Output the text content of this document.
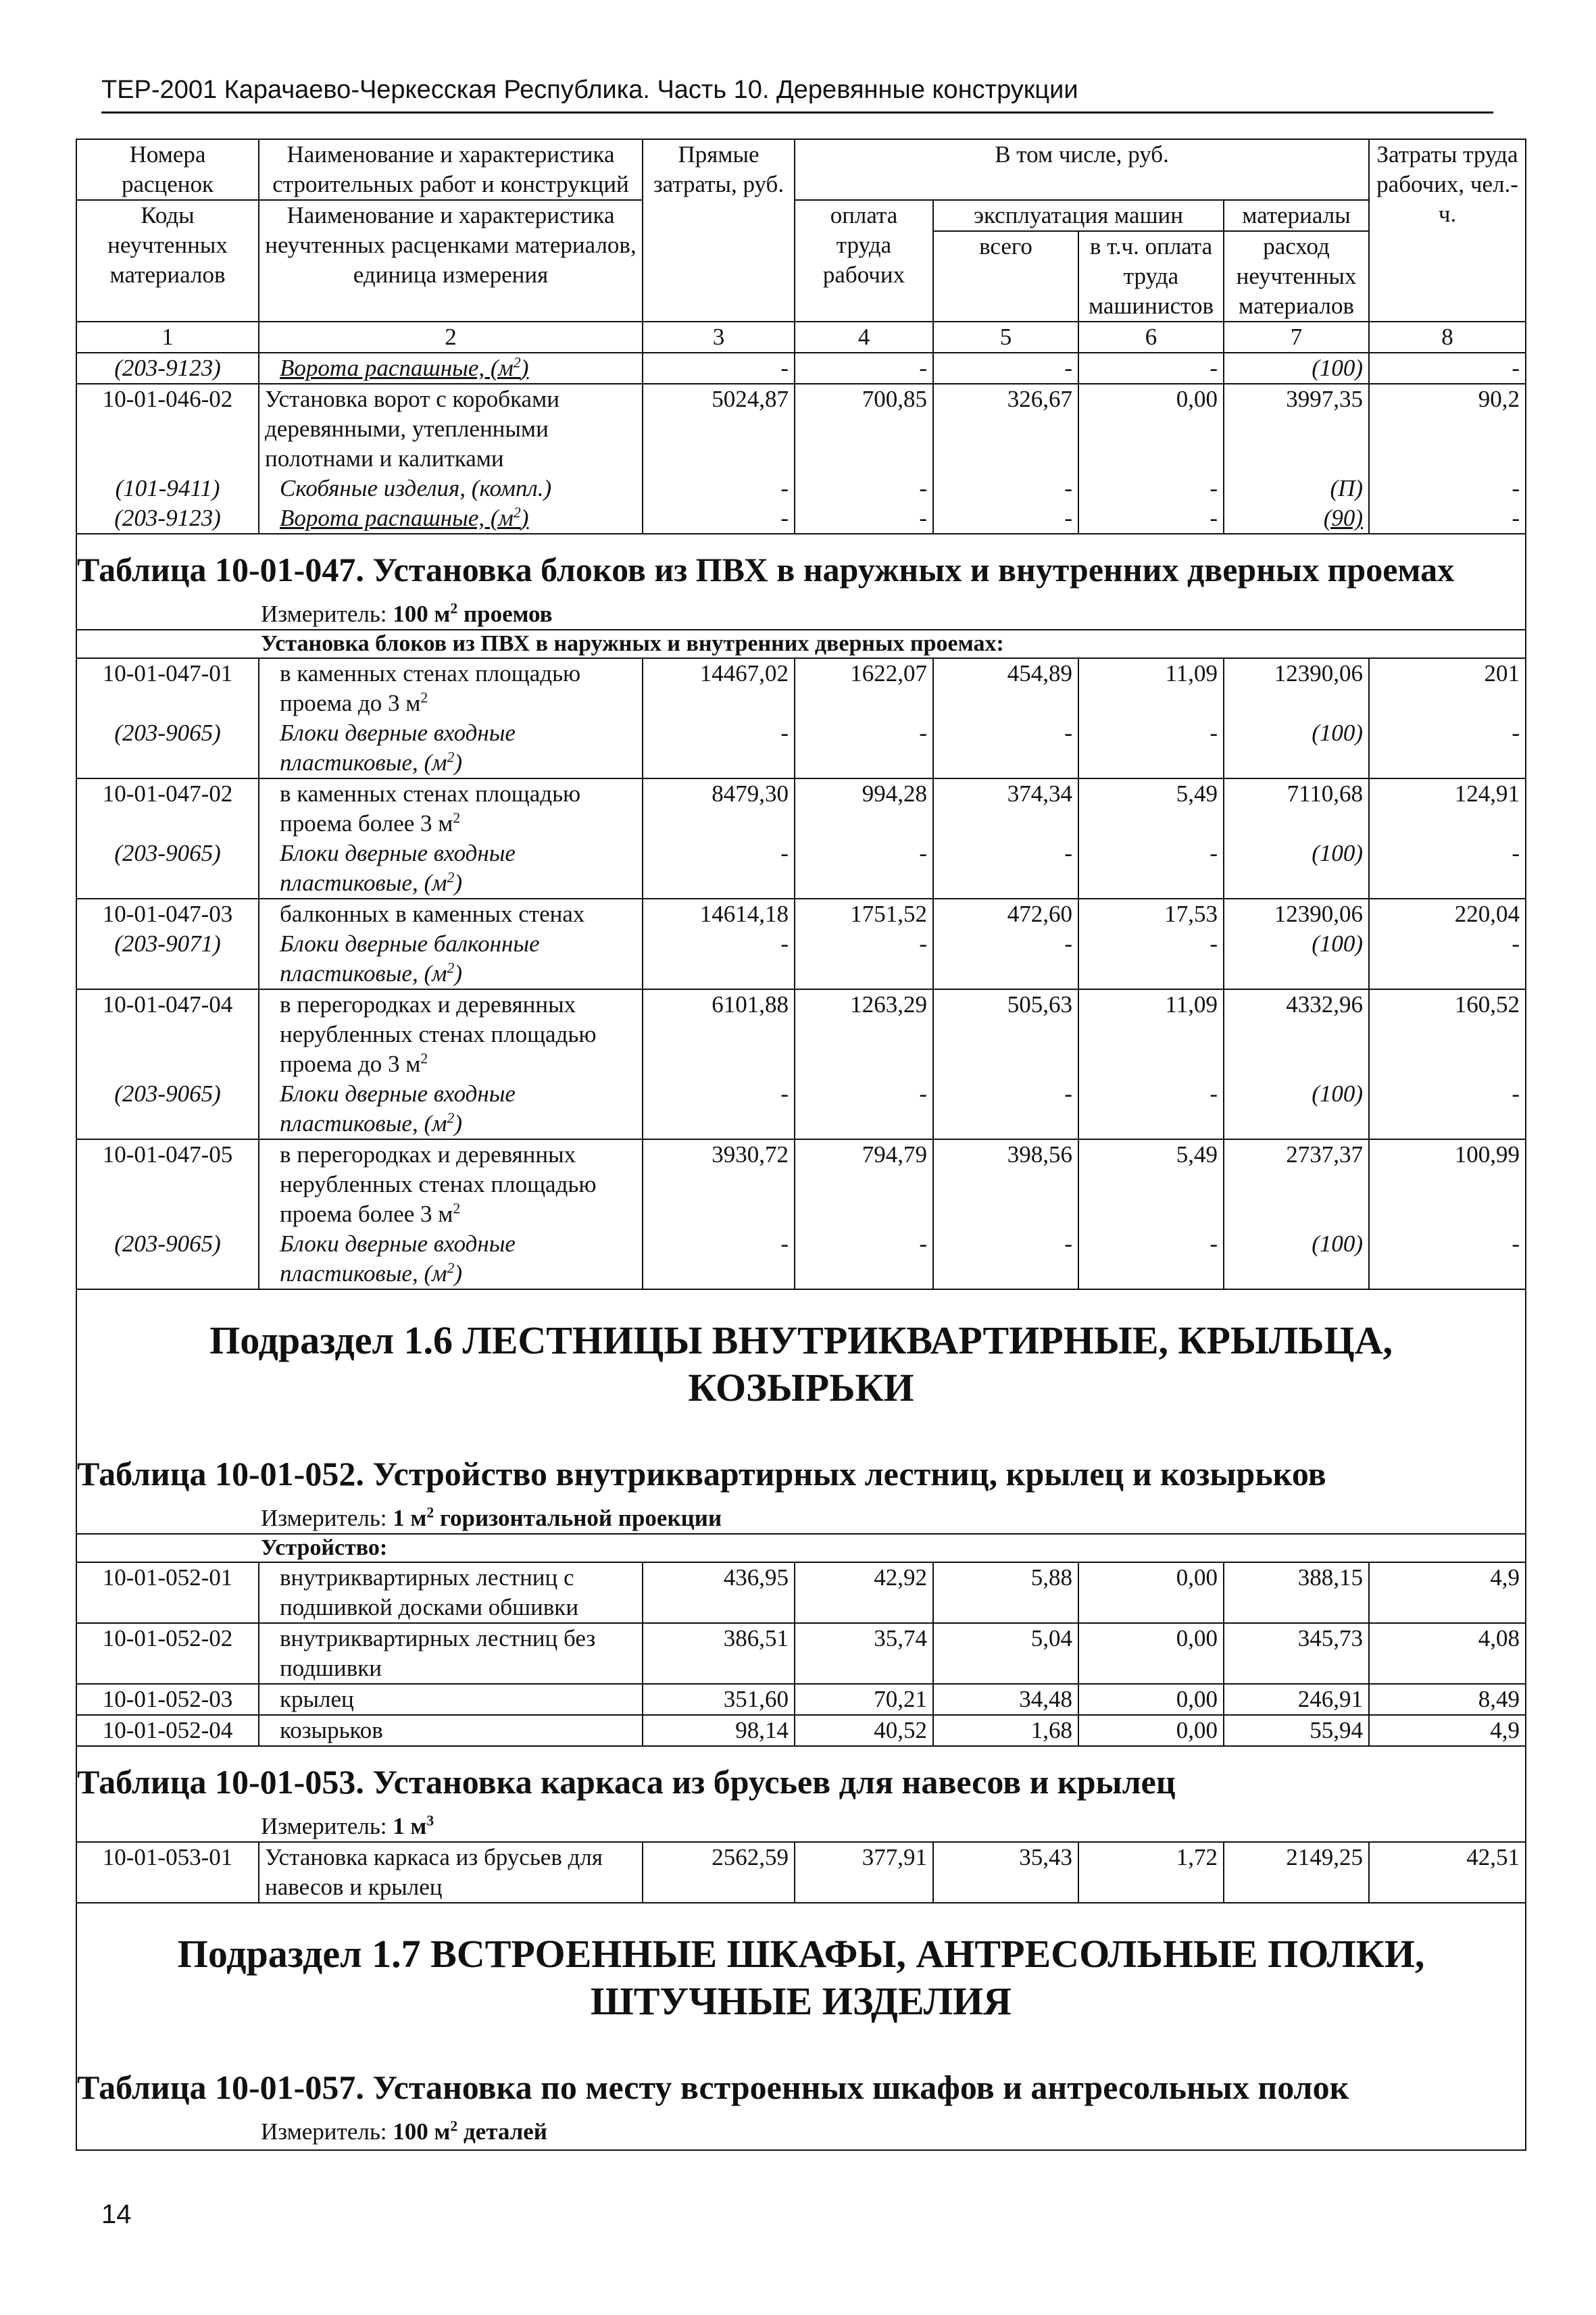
ТЕР-2001 Карачаево-Черкесская Республика. Часть 10. Деревянные конструкции
Номера расценок	Наименование и характеристика строительных работ и конструкций	Прямые затраты, руб.	В том числе, руб.				Затраты труда рабочих, чел.-ч.
Коды неучтенных материалов	Наименование и характеристика неучтенных расценками материалов, единица измерения		оплата труда рабочих	эксплуатация машин		материалы	
				всего	в т.ч. оплата труда машинистов	расход неучтенных материалов	
1	2	3	4	5	6	7	8
(203-9123)	Ворота распашные, $(м^2)$	-	-	-	-	(100)	-
10-01-046-02	Установка ворот с коробками деревянными, утепленными полотнами и калитками	5024,87	700,85	326,67	0,00	3997,35	90,2
(101-9411)	Скобяные изделия, (компл.)	-	-	-	-	(П)	-
(203-9123)	Ворота распашные, $(м^2)$	-	-	-	-	(90)	-
Таблица 10-01-047. Установка блоков из ПВХ в наружных и внутренних дверных проемах							
Измеритель: 100 $м^2$ проемов							
Установка блоков из ПВХ в наружных и внутренних дверных проемах:							
10-01-047-01	в каменных стенах площадью проема до 3 $м^2$	14467,02	1622,07	454,89	11,09	12390,06	201
(203-9065)	Блоки дверные входные пластиковые, $(м^2)$	-	-	-	-	(100)	-
10-01-047-02	в каменных стенах площадью проема более 3 $м^2$	8479,30	994,28	374,34	5,49	7110,68	124,91
(203-9065)	Блоки дверные входные пластиковые, $(м^2)$	-	-	-	-	(100)	-
10-01-047-03	балконных в каменных стенах	14614,18	1751,52	472,60	17,53	12390,06	220,04
(203-9071)	Блоки дверные балконные пластиковые, $(м^2)$	-	-	-	-	(100)	-
10-01-047-04	в перегородках и деревянных нерубленных стенах площадью проема до 3 $м^2$	6101,88	1263,29	505,63	11,09	4332,96	160,52
(203-9065)	Блоки дверные входные пластиковые, $(м^2)$	-	-	-	-	(100)	-
10-01-047-05	в перегородках и деревянных нерубленных стенах площадью проема более 3 $м^2$	3930,72	794,79	398,56	5,49	2737,37	100,99
(203-9065)	Блоки дверные входные пластиковые, $(м^2)$	-	-	-	-	(100)	-
Подраздел 1.6 ЛЕСТНИЦЫ ВНУТРИКВАРТИРНЫЕ, КРЫЛЬЦА, КОЗЫРЬКИ							
Таблица 10-01-052. Устройство внутриквартирных лестниц, крылец и козырьков							
Измеритель: 1 $м^2$ горизонтальной проекции							
Устройство:							
10-01-052-01	внутриквартирных лестниц с подшивкой досками обшивки	436,95	42,92	5,88	0,00	388,15	4,9
10-01-052-02	внутриквартирных лестниц без подшивки	386,51	35,74	5,04	0,00	345,73	4,08
10-01-052-03	крылец	351,60	70,21	34,48	0,00	246,91	8,49
10-01-052-04	козырьков	98,14	40,52	1,68	0,00	55,94	4,9
Таблица 10-01-053. Установка каркаса из брусьев для навесов и крылец							
Измеритель: 1 $м^3$
10-01-053-01	Установка каркаса из брусьев для навесов и крылец	2562,59	377,91	35,43	1,72	2149,25	42,51
Подраздел 1.7 ВСТРОЕННЫЕ ШКАФЫ, АНТРЕСОЛЬНЫЕ ПОЛКИ, ШТУЧНЫЕ ИЗДЕЛИЯ							
Таблица 10-01-057. Установка по месту встроенных шкафов и антресольных полок							
Измеритель: 100 $м^2$ деталей							
14
